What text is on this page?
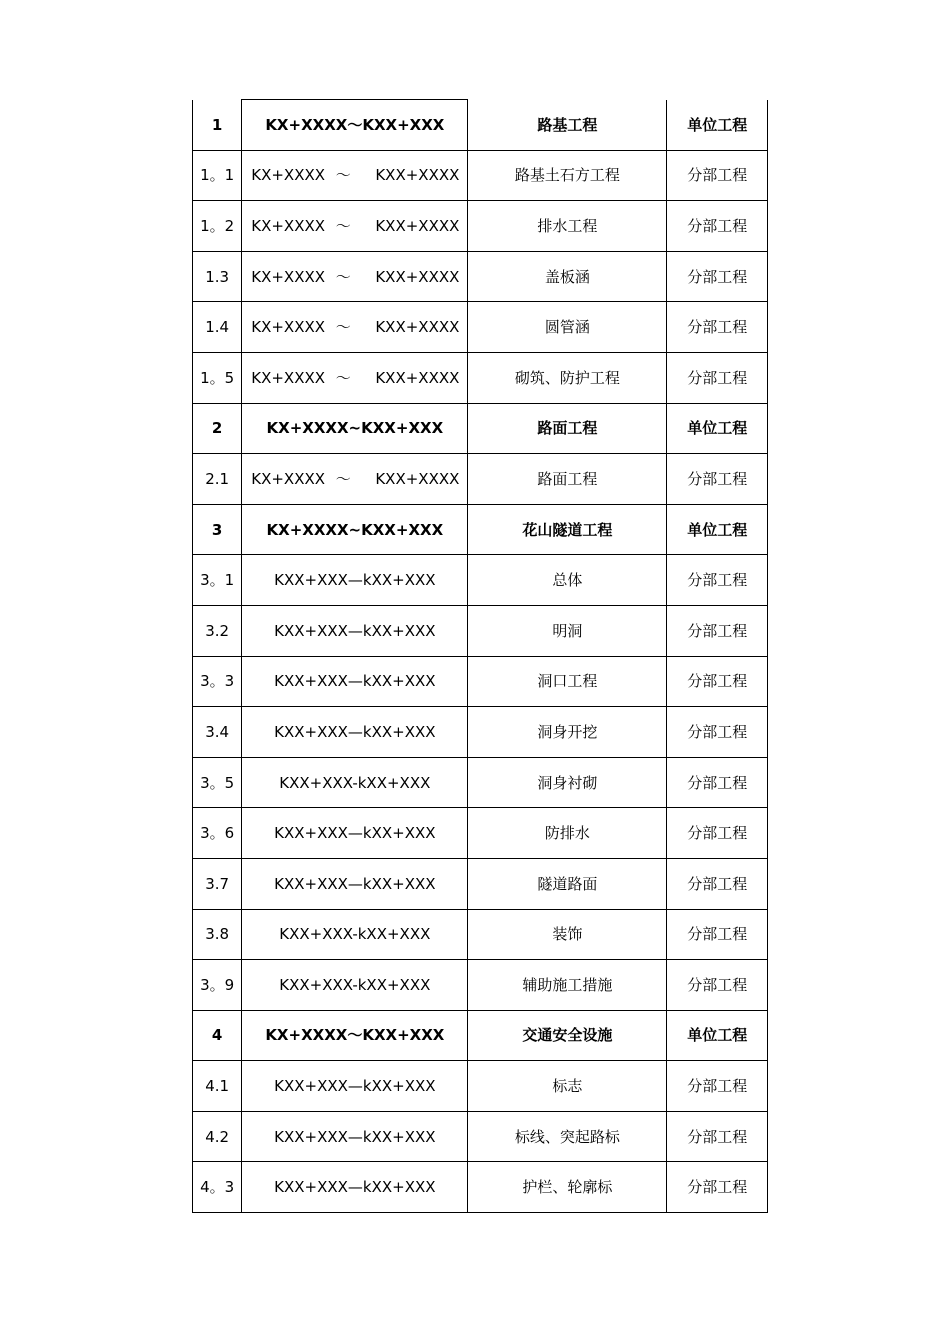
1	KX+XXXX～KXX+XXX	路基工程	单位工程
1。1	KX+XXXX ～ KXX+XXXX	路基土石方工程	分部工程
1。2	KX+XXXX ～ KXX+XXXX	排水工程	分部工程
1.3	KX+XXXX ～ KXX+XXXX	盖板涵	分部工程
1.4	KX+XXXX ～ KXX+XXXX	圆管涵	分部工程
1。5	KX+XXXX ～ KXX+XXXX	砌筑、防护工程	分部工程
2	KX+XXXX~KXX+XXX	路面工程	单位工程
2.1	KX+XXXX ～ KXX+XXXX	路面工程	分部工程
3	KX+XXXX~KXX+XXX	花山隧道工程	单位工程
3。1	KXX+XXX—kXX+XXX	总体	分部工程
3.2	KXX+XXX—kXX+XXX	明洞	分部工程
3。3	KXX+XXX—kXX+XXX	洞口工程	分部工程
3.4	KXX+XXX—kXX+XXX	洞身开挖	分部工程
3。5	KXX+XXX-kXX+XXX	洞身衬砌	分部工程
3。6	KXX+XXX—kXX+XXX	防排水	分部工程
3.7	KXX+XXX—kXX+XXX	隧道路面	分部工程
3.8	KXX+XXX-kXX+XXX	装饰	分部工程
3。9	KXX+XXX-kXX+XXX	辅助施工措施	分部工程
4	KX+XXXX～KXX+XXX	交通安全设施	单位工程
4.1	KXX+XXX—kXX+XXX	标志	分部工程
4.2	KXX+XXX—kXX+XXX	标线、突起路标	分部工程
4。3	KXX+XXX—kXX+XXX	护栏、轮廓标	分部工程
